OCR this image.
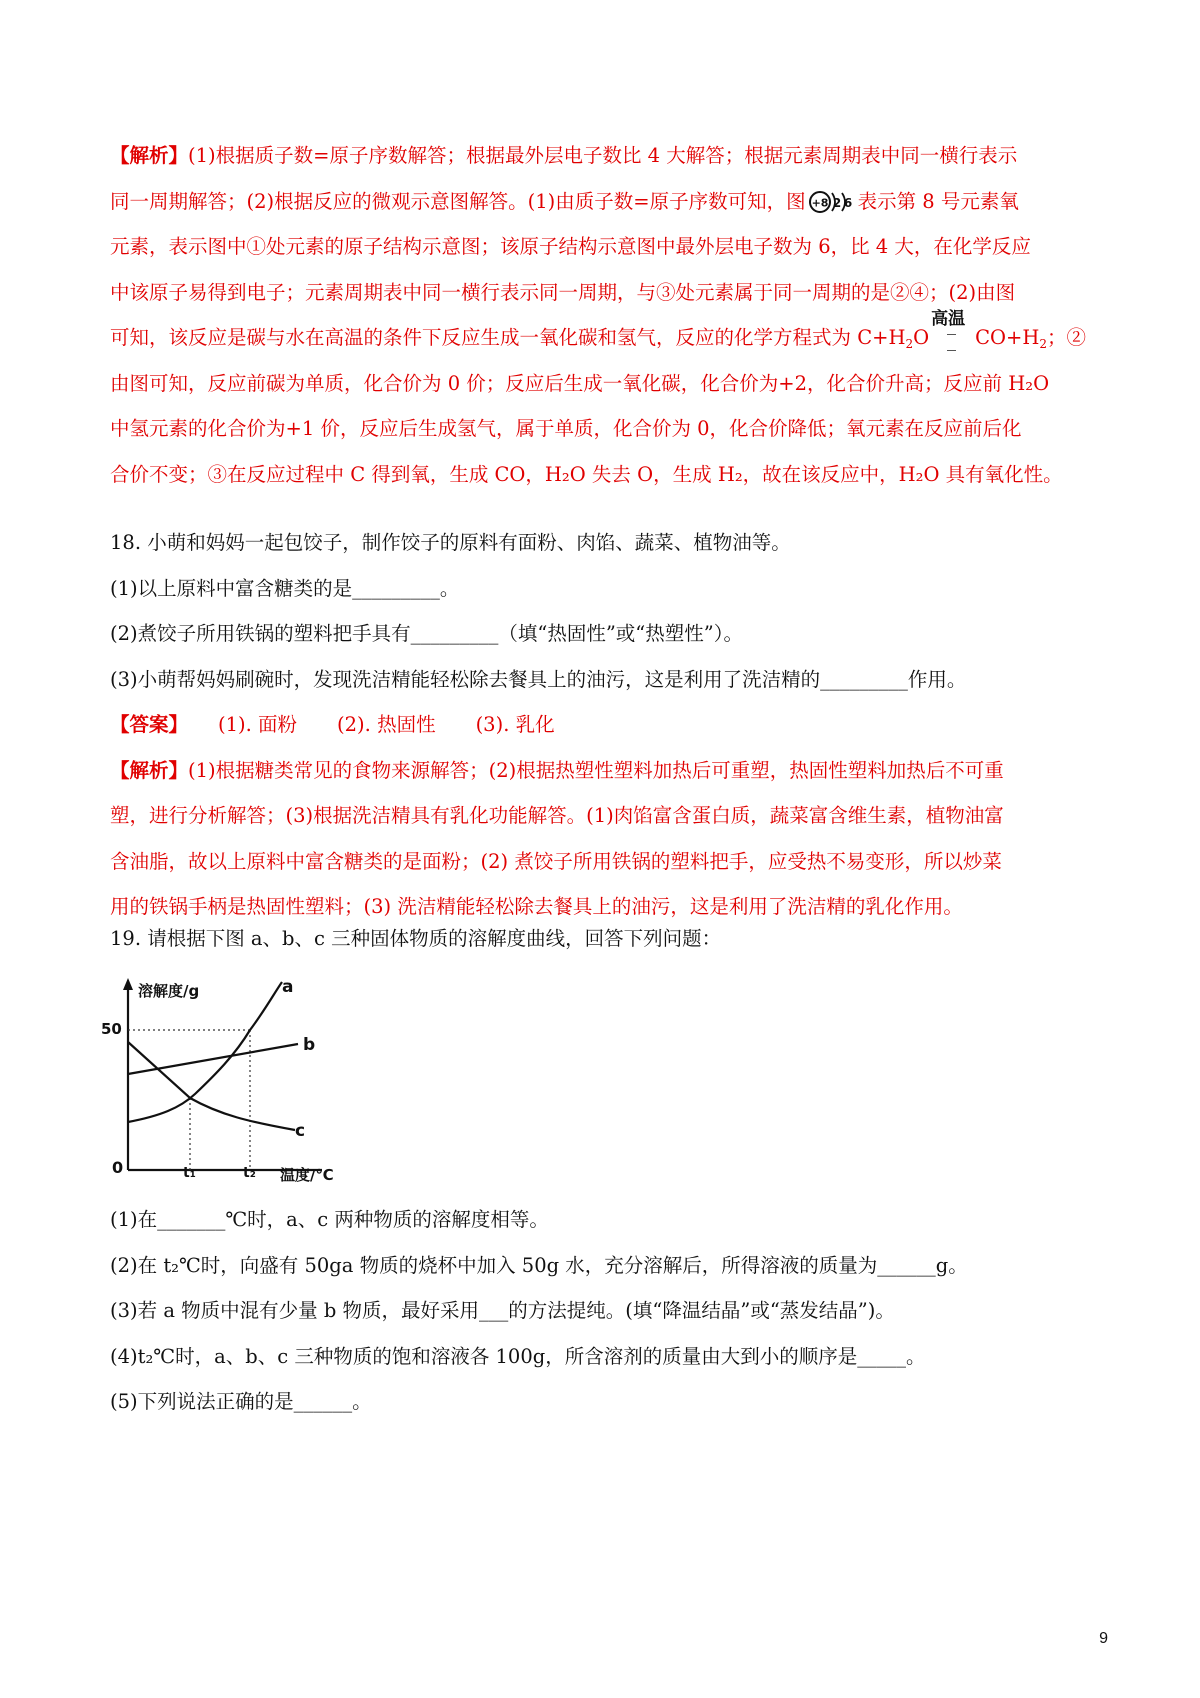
【解析】(1)根据质子数=原子序数解答；根据最外层电子数比 4 大解答；根据元素周期表中同一横行表示
同一周期解答；(2)根据反应的微观示意图解答。(1)由质子数=原子序数可知，图 +8 2 6 表示第 8 号元素氧
元素，表示图中①处元素的原子结构示意图；该原子结构示意图中最外层电子数为 6，比 4 大，在化学反应
中该原子易得到电子；元素周期表中同一横行表示同一周期，与③处元素属于同一周期的是②④；(2)由图
可知，该反应是碳与水在高温的条件下反应生成一氧化碳和氢气，反应的化学方程式为 $C+H_2O$
高温
$CO+H_2$；②
由图可知，反应前碳为单质，化合价为 0 价；反应后生成一氧化碳，化合价为+2，化合价升高；反应前 H₂O
中氢元素的化合价为+1 价，反应后生成氢气，属于单质，化合价为 0，化合价降低；氧元素在反应前后化
合价不变；③在反应过程中 C 得到氧，生成 CO，H₂O 失去 O，生成 H₂，故在该反应中，H₂O 具有氧化性。
18. 小萌和妈妈一起包饺子，制作饺子的原料有面粉、肉馅、蔬菜、植物油等。
(1)以上原料中富含糖类的是_________。
(2)煮饺子所用铁锅的塑料把手具有_________（填“热固性”或“热塑性”）。
(3)小萌帮妈妈刷碗时，发现洗洁精能轻松除去餐具上的油污，这是利用了洗洁精的_________作用。
【答案】 (1). 面粉 (2). 热固性 (3). 乳化
【解析】(1)根据糖类常见的食物来源解答；(2)根据热塑性塑料加热后可重塑，热固性塑料加热后不可重
塑，进行分析解答；(3)根据洗洁精具有乳化功能解答。(1)肉馅富含蛋白质，蔬菜富含维生素，植物油富
含油脂，故以上原料中富含糖类的是面粉；(2) 煮饺子所用铁锅的塑料把手，应受热不易变形，所以炒菜
用的铁锅手柄是热固性塑料；(3) 洗洁精能轻松除去餐具上的油污，这是利用了洗洁精的乳化作用。
19. 请根据下图 a、b、c 三种固体物质的溶解度曲线，回答下列问题：
溶解度/g
50
0	t₁	t₂ 温度/℃
a
b
c
(1)在_______℃时，a、c 两种物质的溶解度相等。
(2)在 t₂℃时，向盛有 50ga 物质的烧杯中加入 50g 水，充分溶解后，所得溶液的质量为______g。
(3)若 a 物质中混有少量 b 物质，最好采用___的方法提纯。(填“降温结晶”或“蒸发结晶”)。
(4)t₂℃时，a、b、c 三种物质的饱和溶液各 100g，所含溶剂的质量由大到小的顺序是_____。
(5)下列说法正确的是______。
9
